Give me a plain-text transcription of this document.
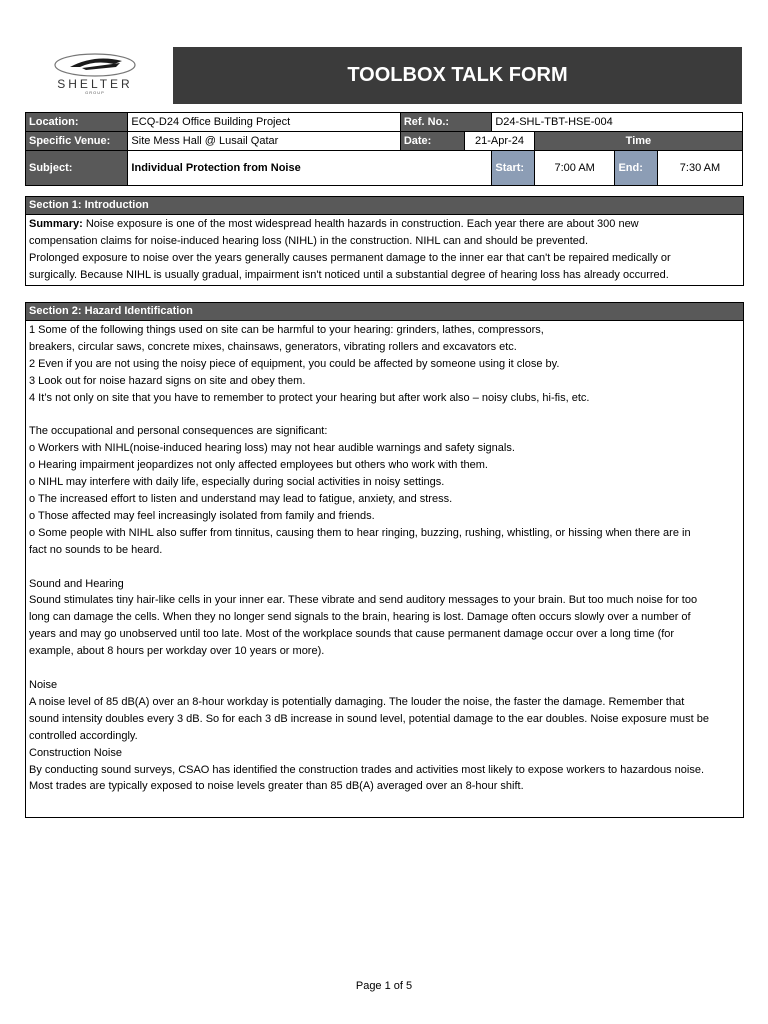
SHELTER
GROUP
TOOLBOX TALK FORM
Location:	ECQ-D24 Office Building Project	Ref. No.:		D24-SHL-TBT-HSE-004			
Specific Venue:	Site Mess Hall @ Lusail Qatar	Date:	21-Apr-24		Time		
Subject:	Individual Protection from Noise			Start:	7:00 AM	End:	7:30 AM
Section 1: Introduction

Summary: Noise exposure is one of the most widespread health hazards in construction. Each year there are about 300 new

compensation claims for noise-induced hearing loss (NIHL) in the construction. NIHL can and should be prevented.

Prolonged exposure to noise over the years generally causes permanent damage to the inner ear that can't be repaired medically or

surgically. Because NIHL is usually gradual, impairment isn't noticed until a substantial degree of hearing loss has already occurred.

Section 2: Hazard Identification

1 Some of the following things used on site can be harmful to your hearing: grinders, lathes, compressors,

breakers, circular saws, concrete mixes, chainsaws, generators, vibrating rollers and excavators etc.

2 Even if you are not using the noisy piece of equipment, you could be affected by someone using it close by.

3 Look out for noise hazard signs on site and obey them.

4 It’s not only on site that you have to remember to protect your hearing but after work also – noisy clubs, hi-fis, etc.

The occupational and personal consequences are significant:

o Workers with NIHL(noise-induced hearing loss) may not hear audible warnings and safety signals.

o Hearing impairment jeopardizes not only affected employees but others who work with them.

o NIHL may interfere with daily life, especially during social activities in noisy settings.

o The increased effort to listen and understand may lead to fatigue, anxiety, and stress.

o Those affected may feel increasingly isolated from family and friends.

o Some people with NIHL also suffer from tinnitus, causing them to hear ringing, buzzing, rushing, whistling, or hissing when there are in

fact no sounds to be heard.

Sound and Hearing

Sound stimulates tiny hair-like cells in your inner ear. These vibrate and send auditory messages to your brain. But too much noise for too

long can damage the cells. When they no longer send signals to the brain, hearing is lost. Damage often occurs slowly over a number of

years and may go unobserved until too late. Most of the workplace sounds that cause permanent damage occur over a long time (for

example, about 8 hours per workday over 10 years or more).

Noise

A noise level of 85 dB(A) over an 8-hour workday is potentially damaging. The louder the noise, the faster the damage. Remember that

sound intensity doubles every 3 dB. So for each 3 dB increase in sound level, potential damage to the ear doubles. Noise exposure must be

controlled accordingly.

Construction Noise

By conducting sound surveys, CSAO has identified the construction trades and activities most likely to expose workers to hazardous noise.

Most trades are typically exposed to noise levels greater than 85 dB(A) averaged over an 8-hour shift.

Page 1 of 5
